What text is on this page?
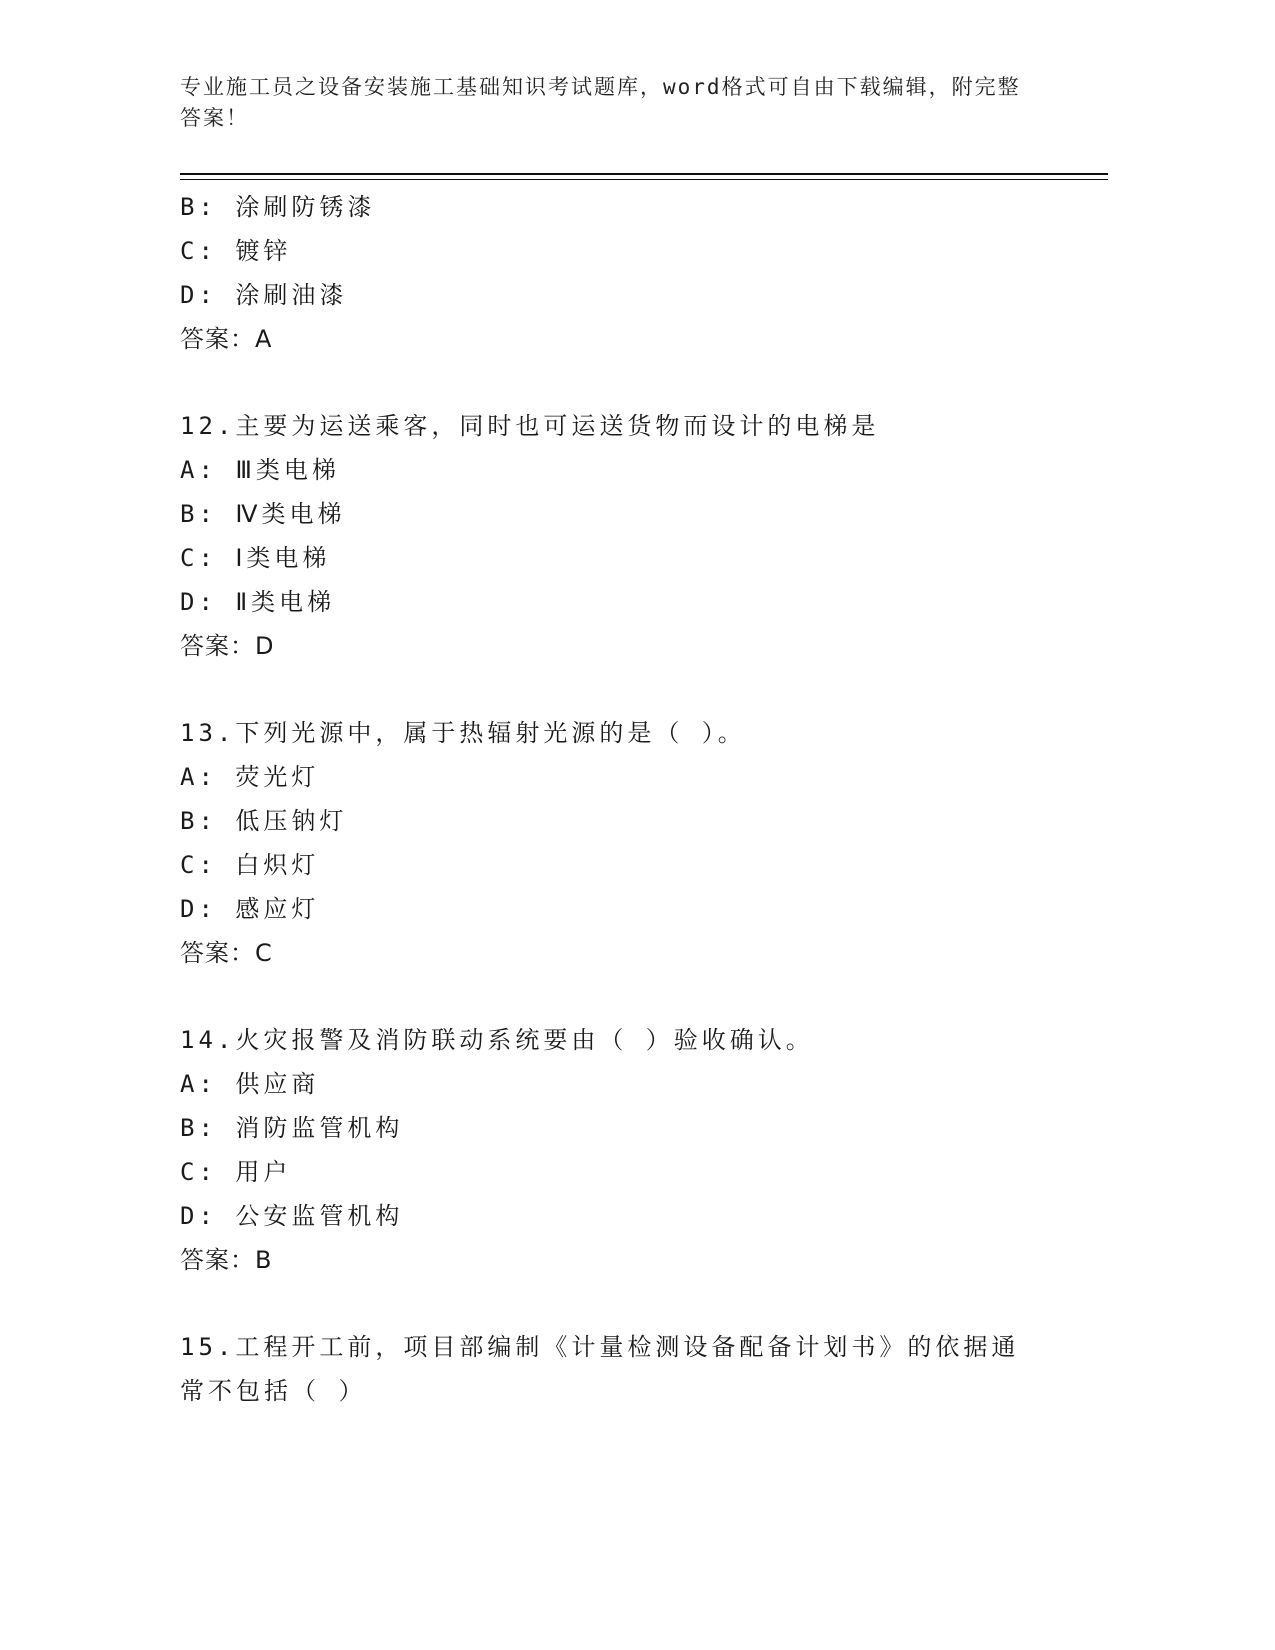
专业施工员之设备安装施工基础知识考试题库，word格式可自由下载编辑，附完整答案！
B: 涂刷防锈漆
C: 镀锌
D: 涂刷油漆
答案：A
12.主要为运送乘客，同时也可运送货物而设计的电梯是
A: Ⅲ类电梯
B: Ⅳ类电梯
C: Ⅰ类电梯
D: Ⅱ类电梯
答案：D
13.下列光源中，属于热辐射光源的是（ ）。
A: 荧光灯
B: 低压钠灯
C: 白炽灯
D: 感应灯
答案：C
14.火灾报警及消防联动系统要由（ ）验收确认。
A: 供应商
B: 消防监管机构
C: 用户
D: 公安监管机构
答案：B
15.工程开工前，项目部编制《计量检测设备配备计划书》的依据通常不包括（ ）
